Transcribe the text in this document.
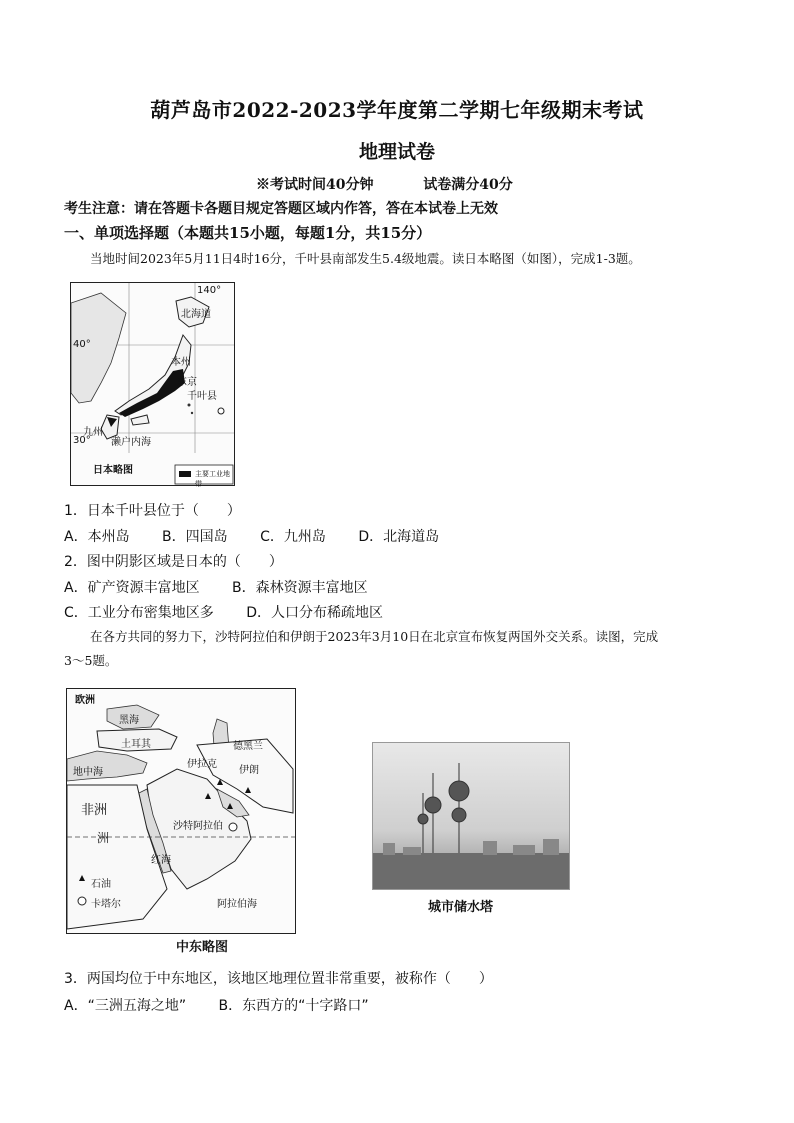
葫芦岛市2022-2023学年度第二学期七年级期末考试
地理试卷
※考试时间40分钟	试卷满分40分
考生注意：请在答题卡各题目规定答题区域内作答，答在本试卷上无效
一、单项选择题（本题共15小题，每题1分，共15分）
当地时间2023年5月11日4时16分，千叶县南部发生5.4级地震。读日本略图（如图），完成1-3题。
北海道
本州
东京
千叶县
九州
濑户内海
40°
30°
140°
日本略图	主要工业地带
1．日本千叶县位于（　　）
A．本州岛 B．四国岛 C．九州岛 D．北海道岛
2．图中阴影区域是日本的（　　）
A．矿产资源丰富地区 B．森林资源丰富地区
C．工业分布密集地区多 D．人口分布稀疏地区
在各方共同的努力下，沙特阿拉伯和伊朗于2023年3月10日在北京宣布恢复两国外交关系。读图，完成
3～5题。
欧洲
黑海
土耳其
地中海
非洲
伊拉克
伊朗
德黑兰
沙特阿拉伯
红海
阿拉伯海
洲
石油
卡塔尔
中东略图
城市储水塔
3．两国均位于中东地区，该地区地理位置非常重要，被称作（　　）
A．“三洲五海之地” B．东西方的“十字路口”
